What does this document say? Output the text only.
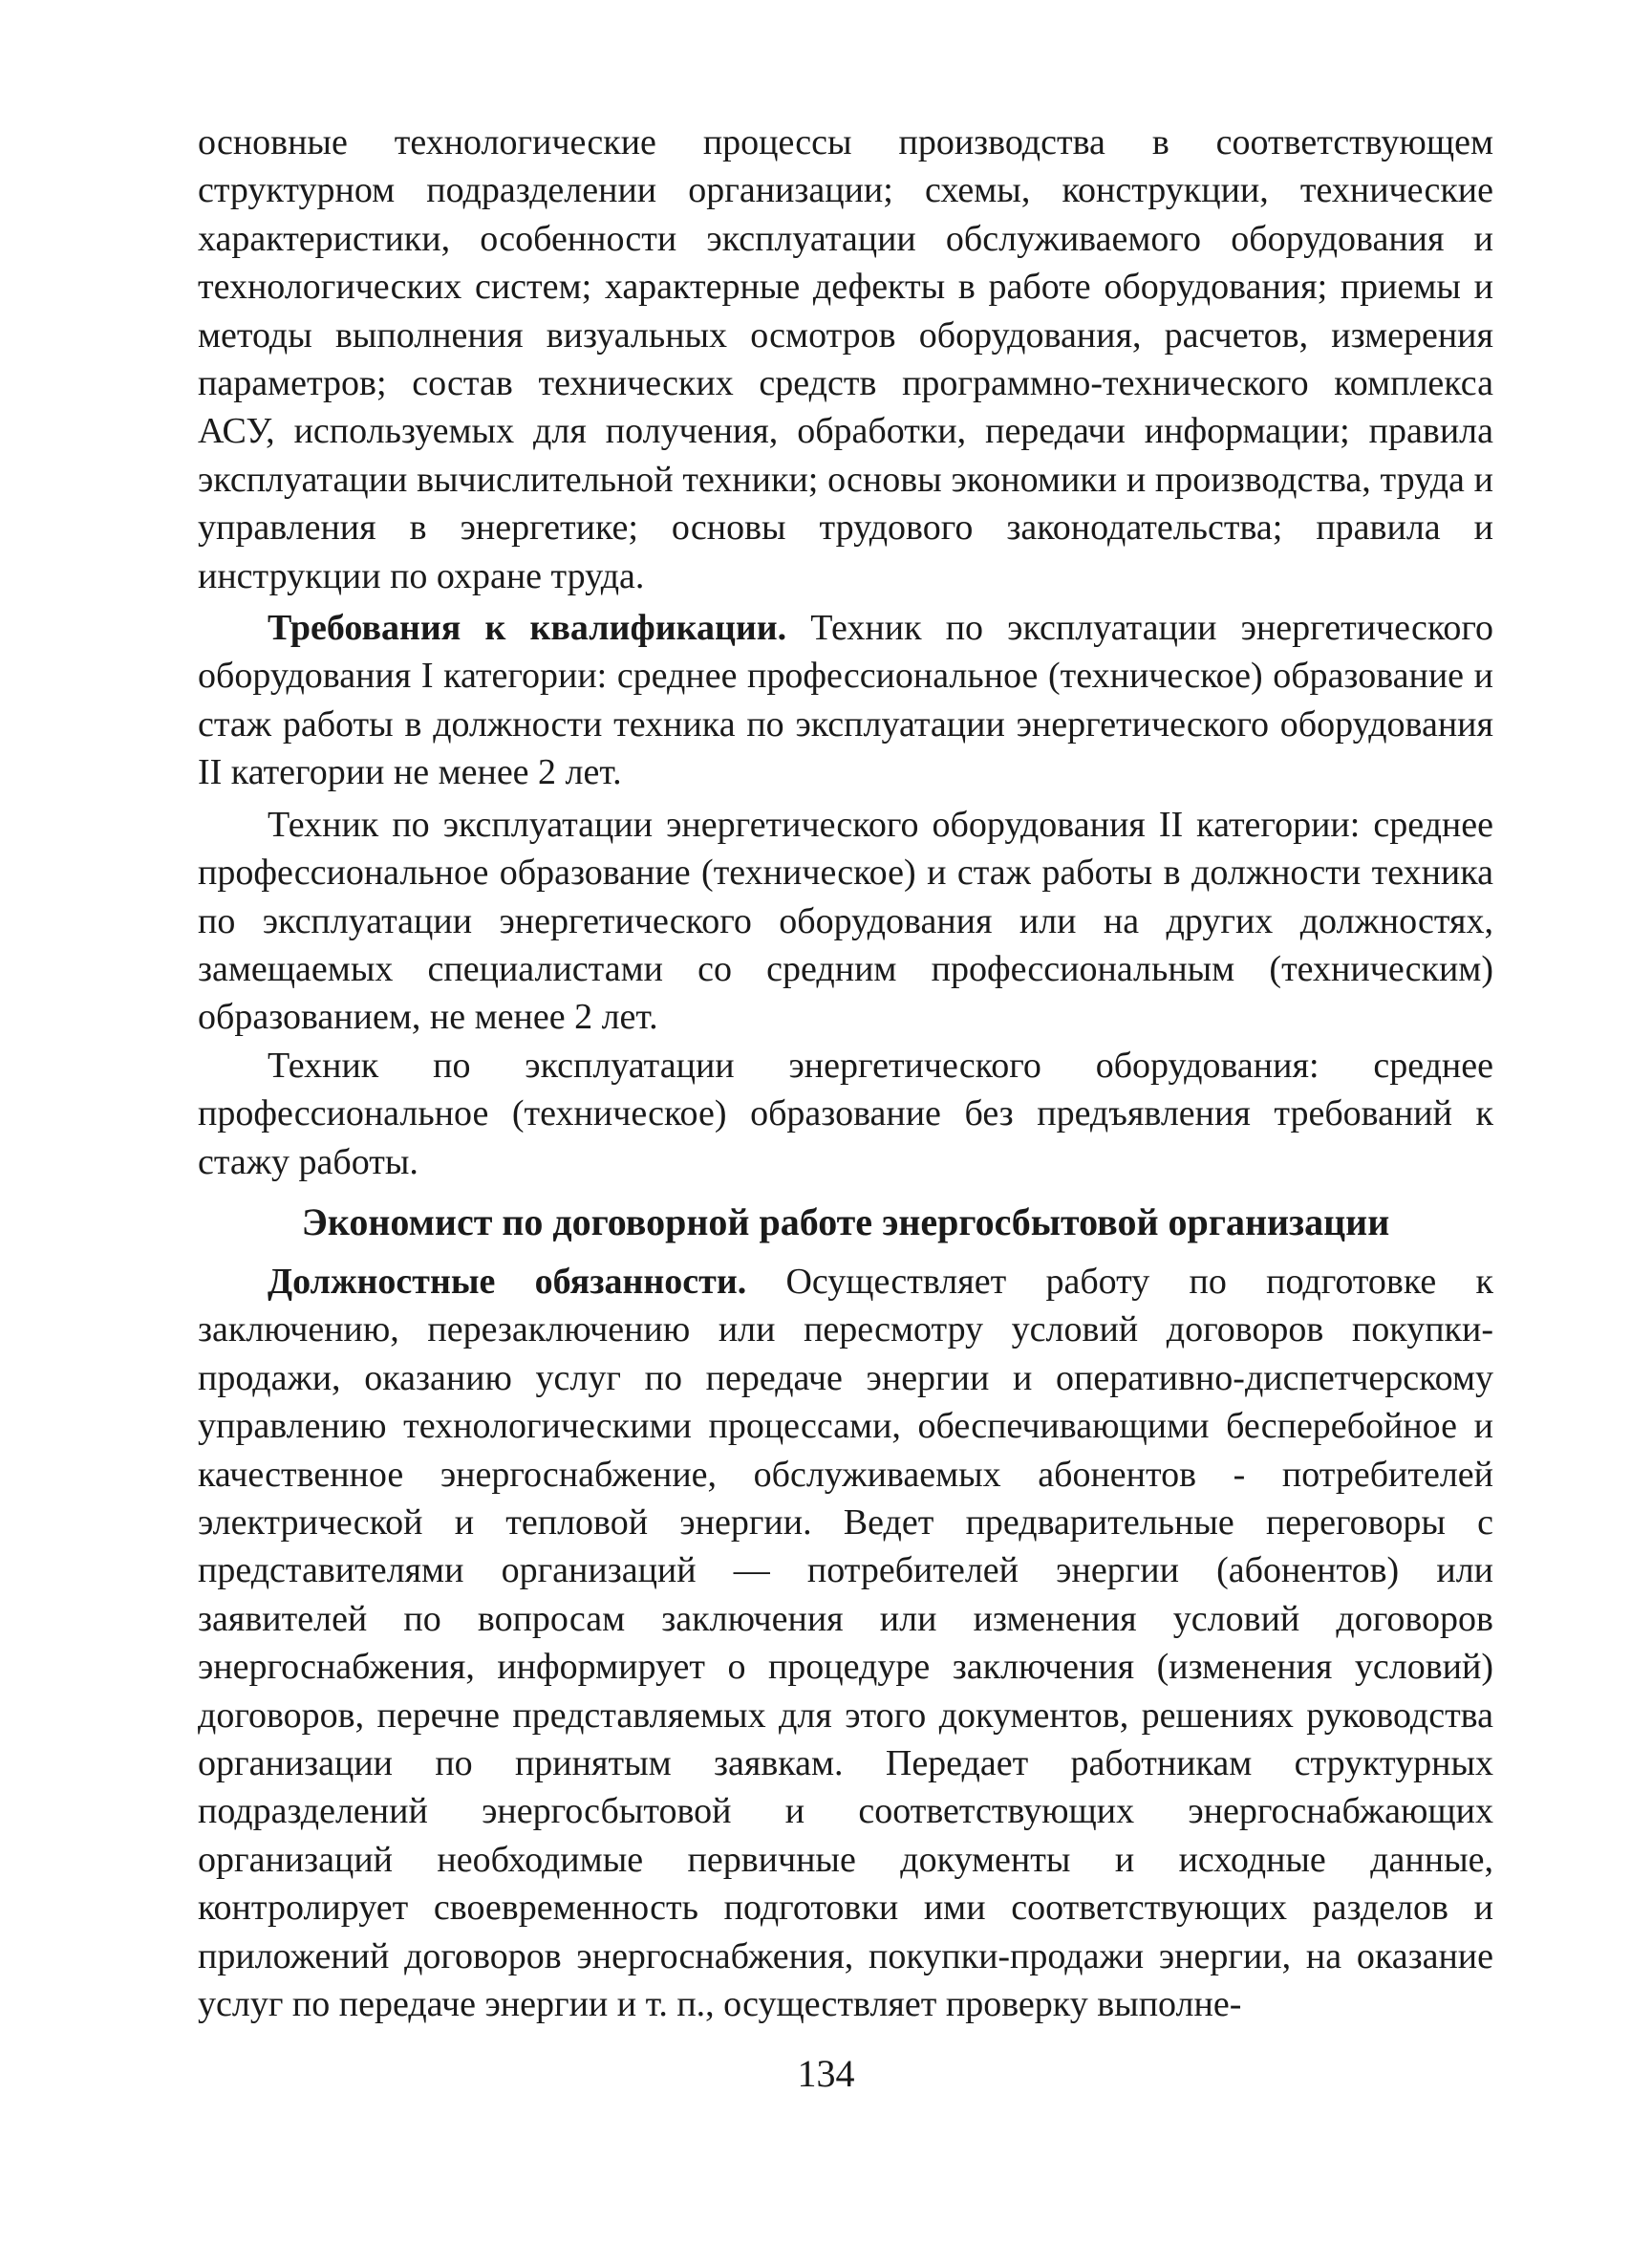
основные технологические процессы производства в соответствующем структурном подразделении организации; схемы, конструкции, технические характеристики, особенности эксплуатации обслуживаемого оборудования и технологических систем; характерные дефекты в работе оборудования; приемы и методы выполнения визуальных осмотров оборудования, расчетов, измерения параметров; состав технических средств программно-технического комплекса АСУ, используемых для получения, обработки, передачи информации; правила эксплуатации вычислительной техники; основы экономики и производства, труда и управления в энергетике; основы трудового законодательства; правила и инструкции по охране труда.

Требования к квалификации. Техник по эксплуатации энергетического оборудования I категории: среднее профессиональное (техническое) образование и стаж работы в должности техника по эксплуатации энергетического оборудования II категории не менее 2 лет.

Техник по эксплуатации энергетического оборудования II категории: среднее профессиональное образование (техническое) и стаж работы в должности техника по эксплуатации энергетического оборудования или на других должностях, замещаемых специалистами со средним профессиональным (техническим) образованием, не менее 2 лет.

Техник по эксплуатации энергетического оборудования: среднее профессиональное (техническое) образование без предъявления требований к стажу работы.

Экономист по договорной работе энергосбытовой организации

Должностные обязанности. Осуществляет работу по подготовке к заключению, перезаключению или пересмотру условий договоров покупки-продажи, оказанию услуг по передаче энергии и оперативно-диспетчерскому управлению технологическими процессами, обеспечивающими бесперебойное и качественное энергоснабжение, обслуживаемых абонентов - потребителей электрической и тепловой энергии. Ведет предварительные переговоры с представителями организаций — потребителей энергии (абонентов) или заявителей по вопросам заключения или изменения условий договоров энергоснабжения, информирует о процедуре заключения (изменения условий) договоров, перечне представляемых для этого документов, решениях руководства организации по принятым заявкам. Передает работникам структурных подразделений энергосбытовой и соответствующих энергоснабжающих организаций необходимые первичные документы и исходные данные, контролирует своевременность подготовки ими соответствующих разделов и приложений договоров энергоснабжения, покупки-продажи энергии, на оказание услуг по передаче энергии и т. п., осуществляет проверку выполне-

134
